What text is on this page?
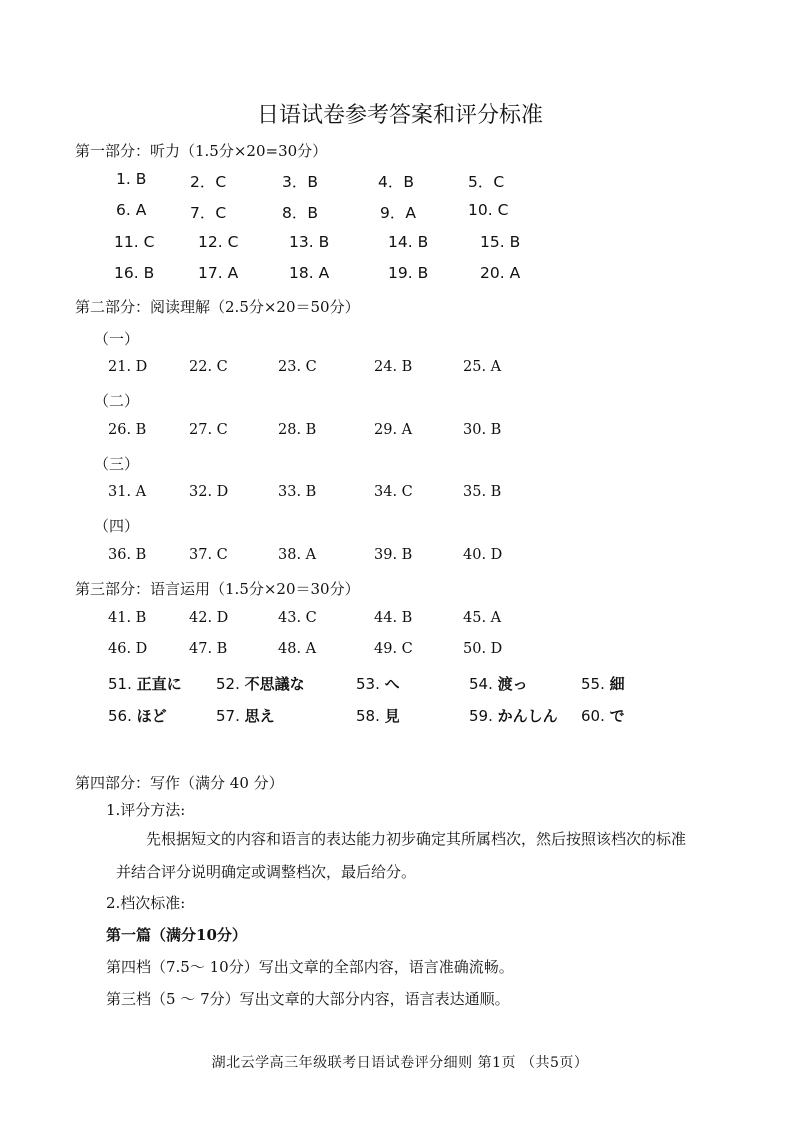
日语试卷参考答案和评分标准
第一部分：听力（1.5分×20=30分）
1. B	2．C	3．B	4．B	5．C
6. A	7．C	8．B	9．A	10. C
11. C	12. C	13. B	14. B	15. B
16. B	17. A	18. A	19. B	20. A
第二部分：阅读理解（2.5分×20＝50分）
（一）
21. D	22. C	23. C	24. B	25. A
（二）
26. B	27. C	28. B	29. A	30. B
（三）
31. A	32. D	33. B	34. C	35. B
（四）
36. B	37. C	38. A	39. B	40. D
第三部分：语言运用（1.5分×20＝30分）
41. B	42. D	43. C	44. B	45. A
46. D	47. B	48. A	49. C	50. D
51. 正直に 52. 不思議な	53. へ	54. 渡っ	55. 細
56. ほど	57. 思え	58. 見	59. かんしん 60. で
第四部分：写作（满分 40 分）
1.评分方法:
先根据短文的内容和语言的表达能力初步确定其所属档次，然后按照该档次的标准
并结合评分说明确定或调整档次，最后给分。
2.档次标准:
第一篇（满分10分）
第四档（7.5～ 10分）写出文章的全部内容，语言准确流畅。
第三档（5 ～ 7分）写出文章的大部分内容，语言表达通顺。
湖北云学高三年级联考日语试卷评分细则 第1页 （共5页）
